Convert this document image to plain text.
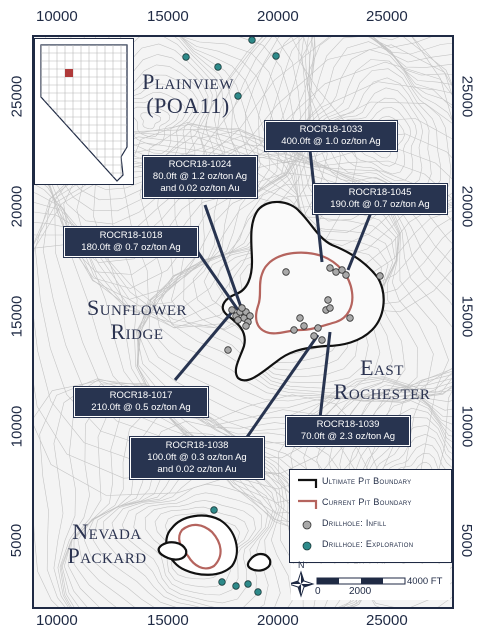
10000	15000	20000	25000
10000	15000	20000	25000
25000
20000
15000
10000
5000
25000
20000
15000
10000
5000
Plainview
(POA11)
Sunflower
Ridge
East
Rochester
Nevada
Packard
ROCR18-1033
400.0ft @ 1.0 oz/ton Ag
ROCR18-1024
80.0ft @ 1.2 oz/ton Ag
and 0.02 oz/ton Au	ROCR18-1045
190.0ft @ 0.7 oz/ton Ag
ROCR18-1018
180.0ft @ 0.7 oz/ton Ag
ROCR18-1017
210.0ft @ 0.5 oz/ton Ag
ROCR18-1039
70.0ft @ 2.3 oz/ton Ag
ROCR18-1038
100.0ft @ 0.3 oz/ton Ag
and 0.02 oz/ton Au
Ultimate Pit Boundary
Current Pit Boundary
Drillhole: Infill
Drillhole: Exploration
N
0	2000
4000 FT
